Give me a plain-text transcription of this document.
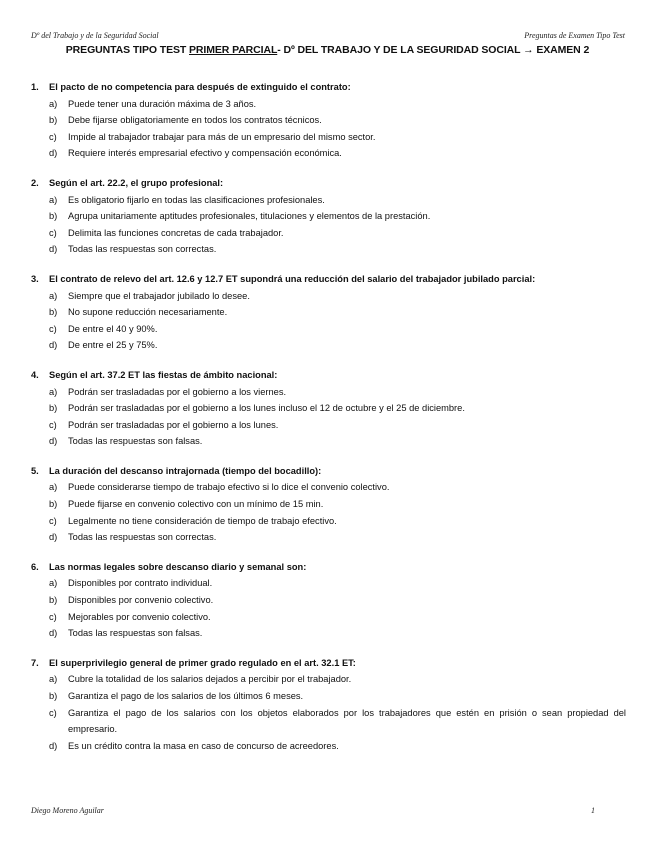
Dº del Trabajo y de la Seguridad Social	Preguntas de Examen Tipo Test
PREGUNTAS TIPO TEST PRIMER PARCIAL- Dº DEL TRABAJO Y DE LA SEGURIDAD SOCIAL → EXAMEN 2
1.	El pacto de no competencia para después de extinguido el contrato:
a)	Puede tener una duración máxima de 3 años.
b)	Debe fijarse obligatoriamente en todos los contratos técnicos.
c)	Impide al trabajador trabajar para más de un empresario del mismo sector.
d)	Requiere interés empresarial efectivo y compensación económica.
2.	Según el art. 22.2, el grupo profesional:
a)	Es obligatorio fijarlo en todas las clasificaciones profesionales.
b)	Agrupa unitariamente aptitudes profesionales, titulaciones y elementos de la prestación.
c)	Delimita las funciones concretas de cada trabajador.
d)	Todas las respuestas son correctas.
3.	El contrato de relevo del art. 12.6 y 12.7 ET supondrá una reducción del salario del trabajador jubilado parcial:
a)	Siempre que el trabajador jubilado lo desee.
b)	No supone reducción necesariamente.
c)	De entre el 40 y 90%.
d)	De entre el 25 y 75%.
4.	Según el art. 37.2 ET las fiestas de ámbito nacional:
a)	Podrán ser trasladadas por el gobierno a los viernes.
b)	Podrán ser trasladadas por el gobierno a los lunes incluso el 12 de octubre y el 25 de diciembre.
c)	Podrán ser trasladadas por el gobierno a los lunes.
d)	Todas las respuestas son falsas.
5.	La duración del descanso intrajornada (tiempo del bocadillo):
a)	Puede considerarse tiempo de trabajo efectivo si lo dice el convenio colectivo.
b)	Puede fijarse en convenio colectivo con un mínimo de 15 min.
c)	Legalmente no tiene consideración de tiempo de trabajo efectivo.
d)	Todas las respuestas son correctas.
6.	Las normas legales sobre descanso diario y semanal son:
a)	Disponibles por contrato individual.
b)	Disponibles por convenio colectivo.
c)	Mejorables por convenio colectivo.
d)	Todas las respuestas son falsas.
7.	El superprivilegio general de primer grado regulado en el art. 32.1 ET:
a)	Cubre la totalidad de los salarios dejados a percibir por el trabajador.
b)	Garantiza el pago de los salarios de los últimos 6 meses.
c)	Garantiza el pago de los salarios con los objetos elaborados por los trabajadores que estén en prisión o sean propiedad del empresario.
d)	Es un crédito contra la masa en caso de concurso de acreedores.
Diego Moreno Aguilar	1
